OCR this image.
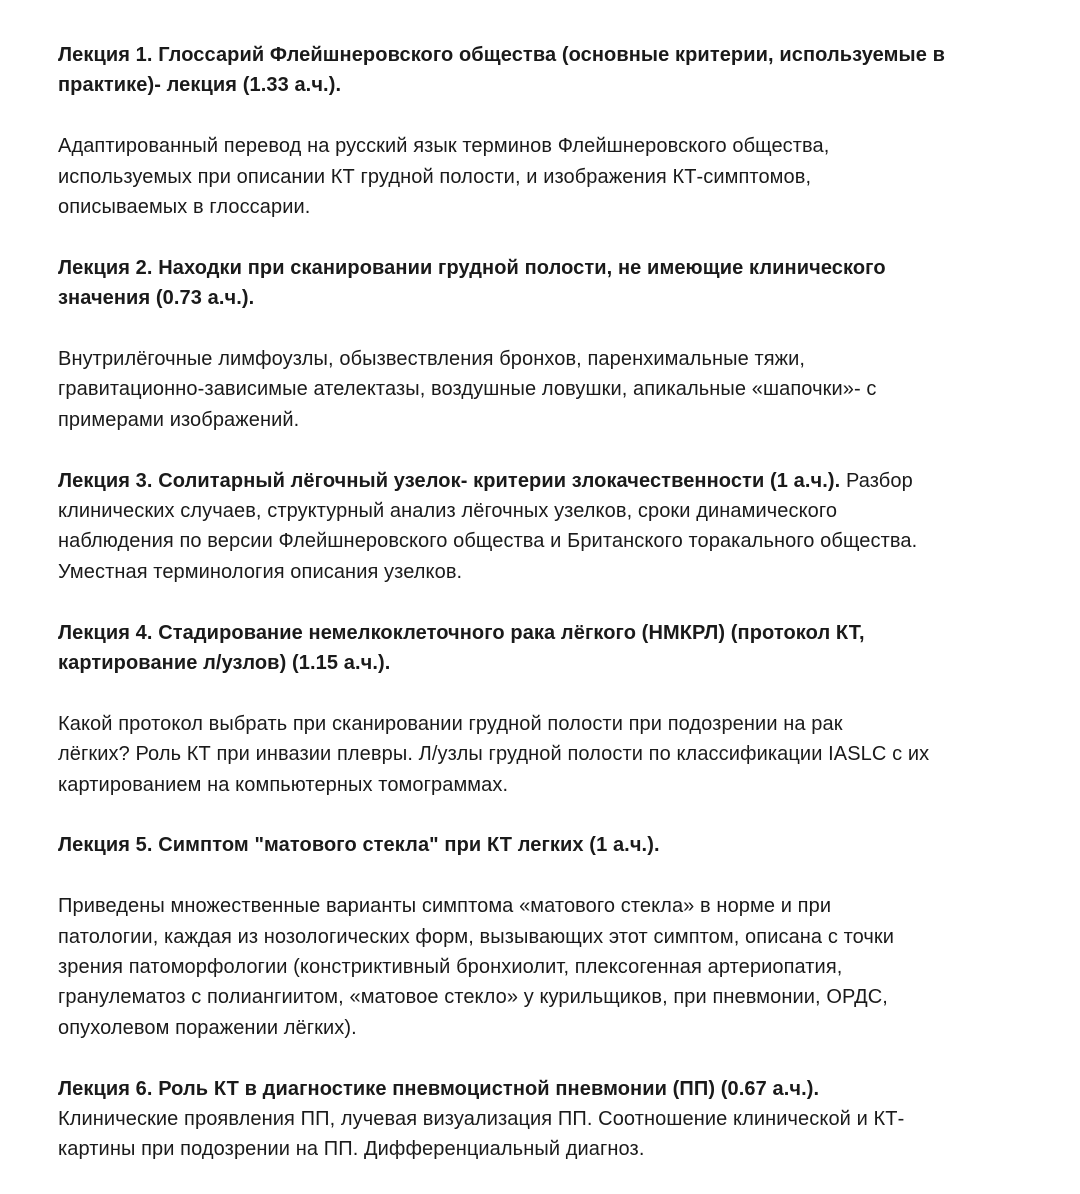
Лекция 1. Глоссарий Флейшнеровского общества (основные критерии, используемые в
практике)- лекция (1.33 а.ч.).

Адаптированный перевод на русский язык терминов Флейшнеровского общества,
используемых при описании КТ грудной полости, и изображения КТ-симптомов,
описываемых в глоссарии.

Лекция 2. Находки при сканировании грудной полости, не имеющие клинического
значения (0.73 а.ч.).

Внутрилёгочные лимфоузлы, обызвествления бронхов, паренхимальные тяжи,
гравитационно-зависимые ателектазы, воздушные ловушки, апикальные «шапочки»- с
примерами изображений.

Лекция 3. Солитарный лёгочный узелок- критерии злокачественности (1 а.ч.). Разбор
клинических случаев, структурный анализ лёгочных узелков, сроки динамического
наблюдения по версии Флейшнеровского общества и Британского торакального общества.
Уместная терминология описания узелков.

Лекция 4. Стадирование немелкоклеточного рака лёгкого (НМКРЛ) (протокол КТ,
картирование л/узлов) (1.15 а.ч.).

Какой протокол выбрать при сканировании грудной полости при подозрении на рак
лёгких? Роль КТ при инвазии плевры. Л/узлы грудной полости по классификации IASLC с их
картированием на компьютерных томограммах.

Лекция 5. Симптом "матового стекла" при КТ легких (1 а.ч.).

Приведены множественные варианты симптома «матового стекла» в норме и при
патологии, каждая из нозологических форм, вызывающих этот симптом, описана с точки
зрения патоморфологии (констриктивный бронхиолит, плексогенная артериопатия,
гранулематоз с полиангиитом, «матовое стекло» у курильщиков, при пневмонии, ОРДС,
опухолевом поражении лёгких).

Лекция 6. Роль КТ в диагностике пневмоцистной пневмонии (ПП) (0.67 а.ч.).

Клинические проявления ПП, лучевая визуализация ПП. Соотношение клинической и КТ-
картины при подозрении на ПП. Дифференциальный диагноз.
